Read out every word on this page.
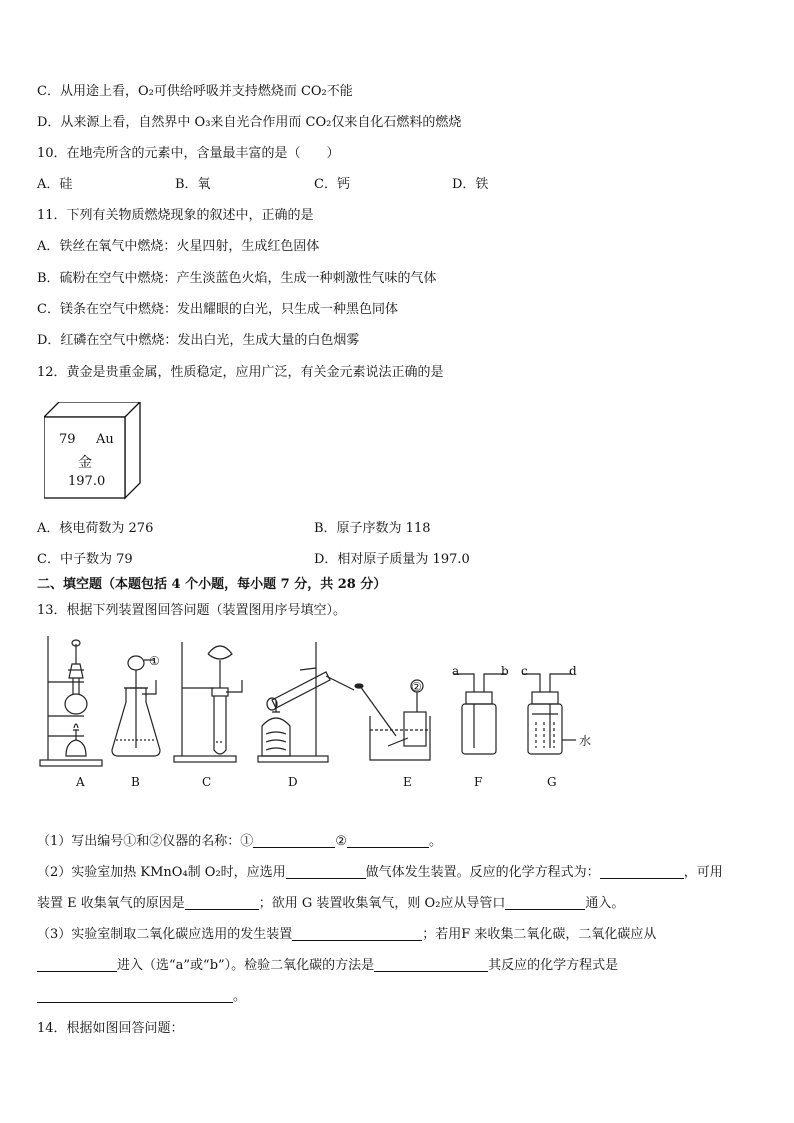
C．从用途上看，O₂可供给呼吸并支持燃烧而 CO₂不能
D．从来源上看，自然界中 O₃来自光合作用而 CO₂仅来自化石燃料的燃烧
10．在地壳所含的元素中，含量最丰富的是（　　）
A．硅	B．氧	C．钙	D．铁
11．下列有关物质燃烧现象的叙述中，正确的是
A．铁丝在氧气中燃烧：火星四射，生成红色固体
B．硫粉在空气中燃烧：产生淡蓝色火焰，生成一种刺激性气味的气体
C．镁条在空气中燃烧：发出耀眼的白光，只生成一种黑色同体
D．红磷在空气中燃烧：发出白光，生成大量的白色烟雾
12．黄金是贵重金属，性质稳定，应用广泛，有关金元素说法正确的是
79 Au
金
197.0
A．核电荷数为 276	B．原子序数为 118
C．中子数为 79	D．相对原子质量为 197.0
二、填空题（本题包括 4 个小题，每小题 7 分，共 28 分）
13．根据下列装置图回答问题（装置图用序号填空）。
①
②
a	b c	d
水
A	B	C	D	E	F	G
（1）写出编号①和②仪器的名称：①	②	。
（2）实验室加热 KMnO₄制 O₂时，应选用	做气体发生装置。反应的化学方程式为：	，可用
装置 E 收集氧气的原因是	；欲用 G 装置收集氧气，则 O₂应从导管口	通入。
（3）实验室制取二氧化碳应选用的发生装置	；若用F 来收集二氧化碳，二氧化碳应从
进入（选“a”或“b”）。检验二氧化碳的方法是	其反应的化学方程式是
。
14．根据如图回答问题：
